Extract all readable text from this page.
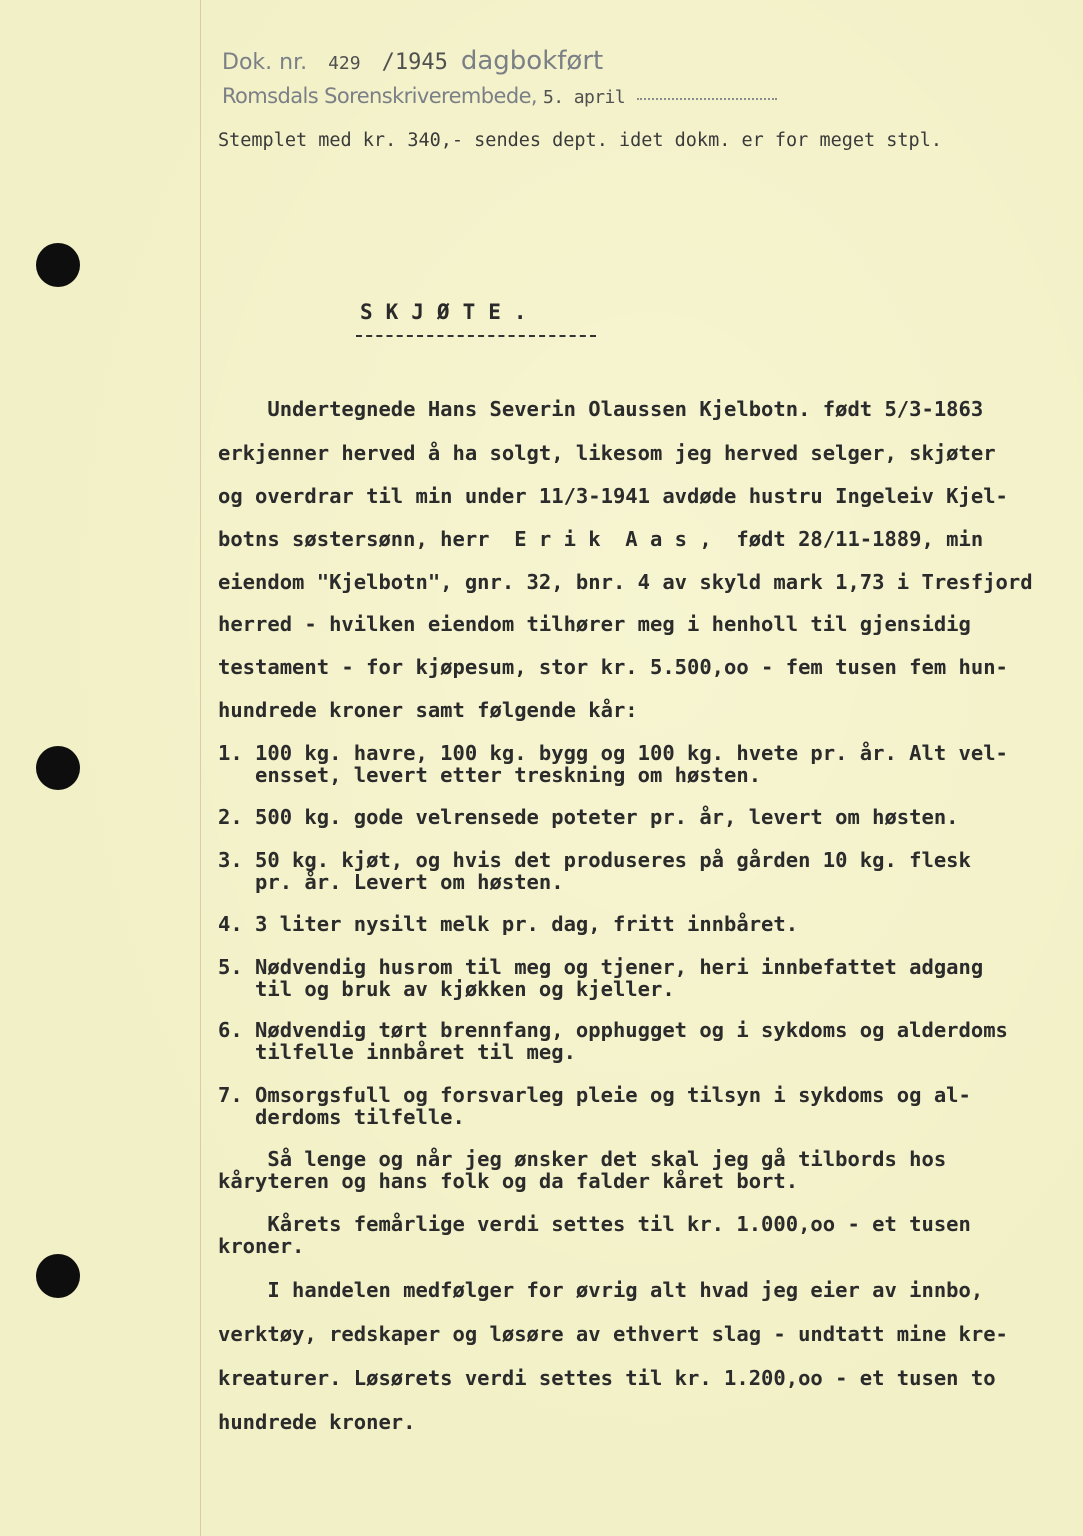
Dok. nr. 429 /1945 dagbokført
Romsdals Sorenskriverembede, 5. april
Stemplet med kr. 340,- sendes dept. idet dokm. er for meget stpl.
SKJØTE.
Undertegnede Hans Severin Olaussen Kjelbotn. født 5/3-1863
erkjenner herved å ha solgt, likesom jeg herved selger, skjøter
og overdrar til min under 11/3-1941 avdøde hustru Ingeleiv Kjel-
botns søstersønn, herr  E r i k  A a s ,  født 28/11-1889, min
eiendom "Kjelbotn", gnr. 32, bnr. 4 av skyld mark 1,73 i Tresfjord
herred - hvilken eiendom tilhører meg i henholl til gjensidig
testament - for kjøpesum, stor kr. 5.500,oo - fem tusen fem hun-
hundrede kroner samt følgende kår:
1. 100 kg. havre, 100 kg. bygg og 100 kg. hvete pr. år. Alt vel-
ensset, levert etter treskning om høsten.
2. 500 kg. gode velrensede poteter pr. år, levert om høsten.
3. 50 kg. kjøt, og hvis det produseres på gården 10 kg. flesk
pr. år. Levert om høsten.
4. 3 liter nysilt melk pr. dag, fritt innbåret.
5. Nødvendig husrom til meg og tjener, heri innbefattet adgang
til og bruk av kjøkken og kjeller.
6. Nødvendig tørt brennfang, opphugget og i sykdoms og alderdoms
tilfelle innbåret til meg.
7. Omsorgsfull og forsvarleg pleie og tilsyn i sykdoms og al-
derdoms tilfelle.
Så lenge og når jeg ønsker det skal jeg gå tilbords hos
kåryteren og hans folk og da falder kåret bort.
Kårets femårlige verdi settes til kr. 1.000,oo - et tusen
kroner.
I handelen medfølger for øvrig alt hvad jeg eier av innbo,
verktøy, redskaper og løsøre av ethvert slag - undtatt mine kre-
kreaturer. Løsørets verdi settes til kr. 1.200,oo - et tusen to
hundrede kroner.
